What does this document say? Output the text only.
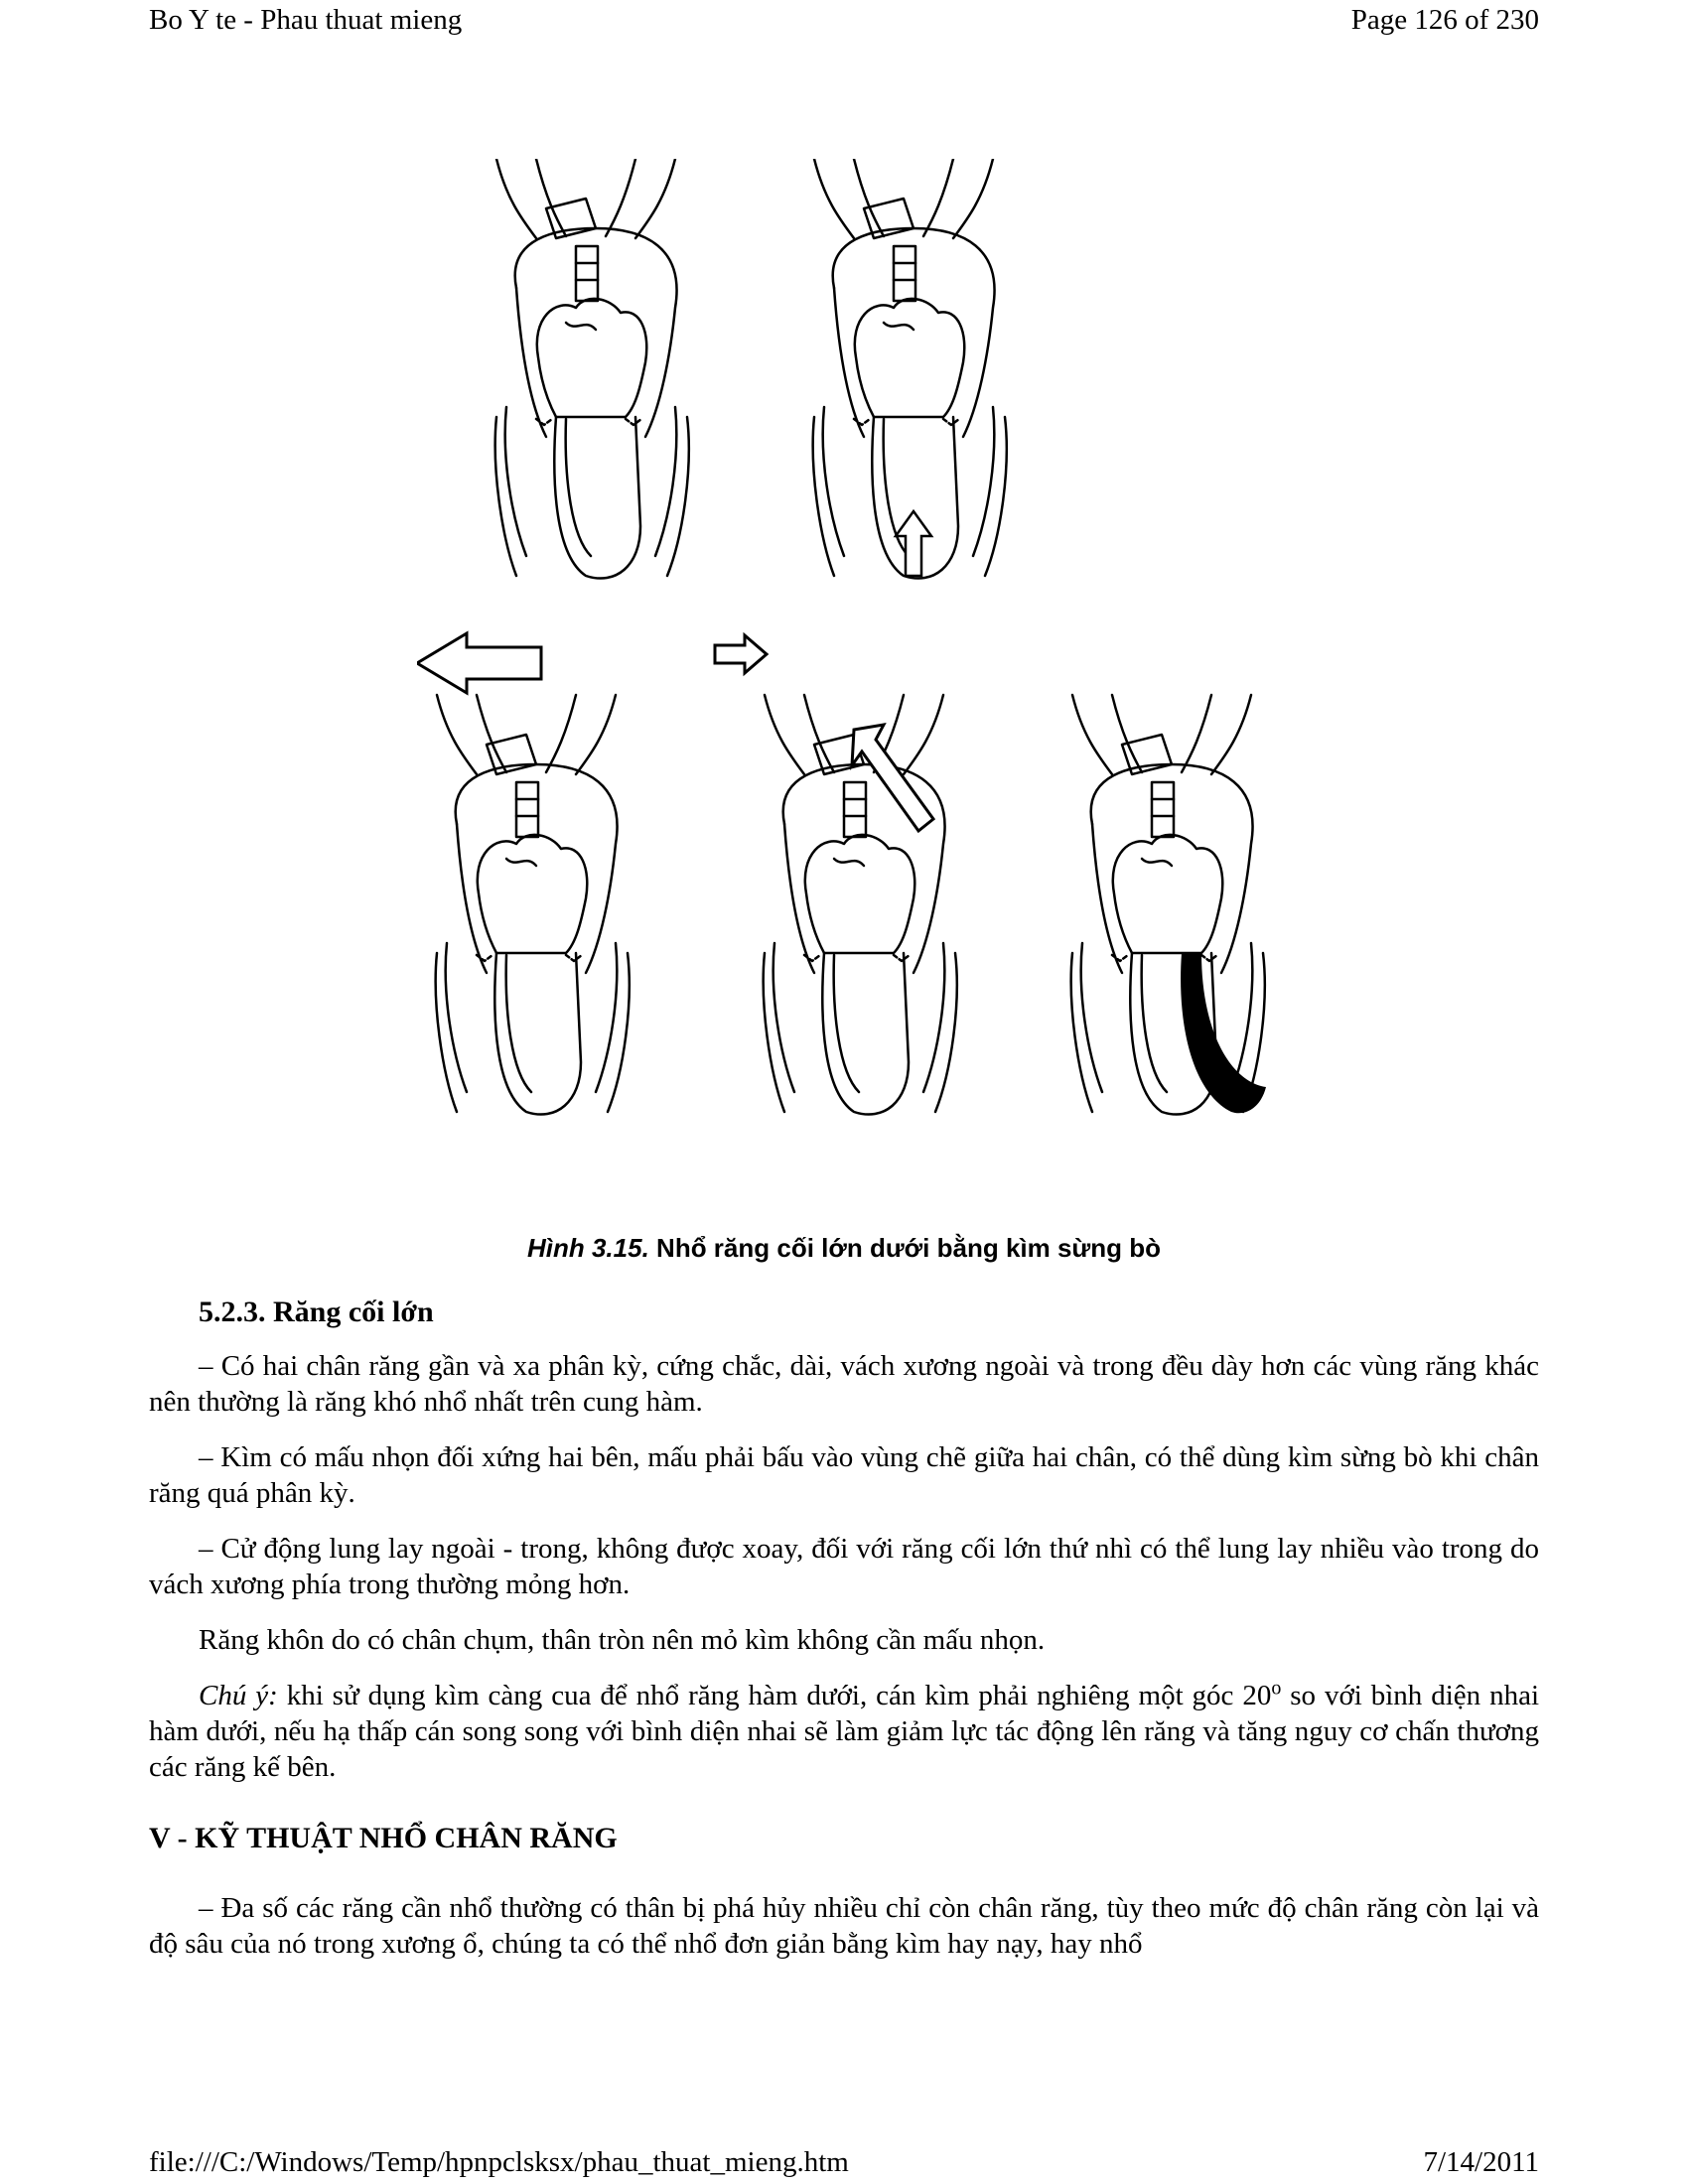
Bo Y te - Phau thuat mieng	Page 126 of 230
Hình 3.15. Nhổ răng cối lớn dưới bằng kìm sừng bò
5.2.3. Răng cối lớn
– Có hai chân răng gần và xa phân kỳ, cứng chắc, dài, vách xương ngoài và trong đều dày hơn các vùng răng khác nên thường là răng khó nhổ nhất trên cung hàm.
– Kìm có mấu nhọn đối xứng hai bên, mấu phải bấu vào vùng chẽ giữa hai chân, có thể dùng kìm sừng bò khi chân răng quá phân kỳ.
– Cử động lung lay ngoài - trong, không được xoay, đối với răng cối lớn thứ nhì có thể lung lay nhiều vào trong do vách xương phía trong thường mỏng hơn.
Răng khôn do có chân chụm, thân tròn nên mỏ kìm không cần mấu nhọn.
Chú ý: khi sử dụng kìm càng cua để nhổ răng hàm dưới, cán kìm phải nghiêng một góc 20$^o$ so với bình diện nhai hàm dưới, nếu hạ thấp cán song song với bình diện nhai sẽ làm giảm lực tác động lên răng và tăng nguy cơ chấn thương các răng kế bên.
V - KỸ THUẬT NHỔ CHÂN RĂNG
– Đa số các răng cần nhổ thường có thân bị phá hủy nhiều chỉ còn chân răng, tùy theo mức độ chân răng còn lại và độ sâu của nó trong xương ổ, chúng ta có thể nhổ đơn giản bằng kìm hay nạy, hay nhổ
file:///C:/Windows/Temp/hpnpclsksx/phau_thuat_mieng.htm	7/14/2011
